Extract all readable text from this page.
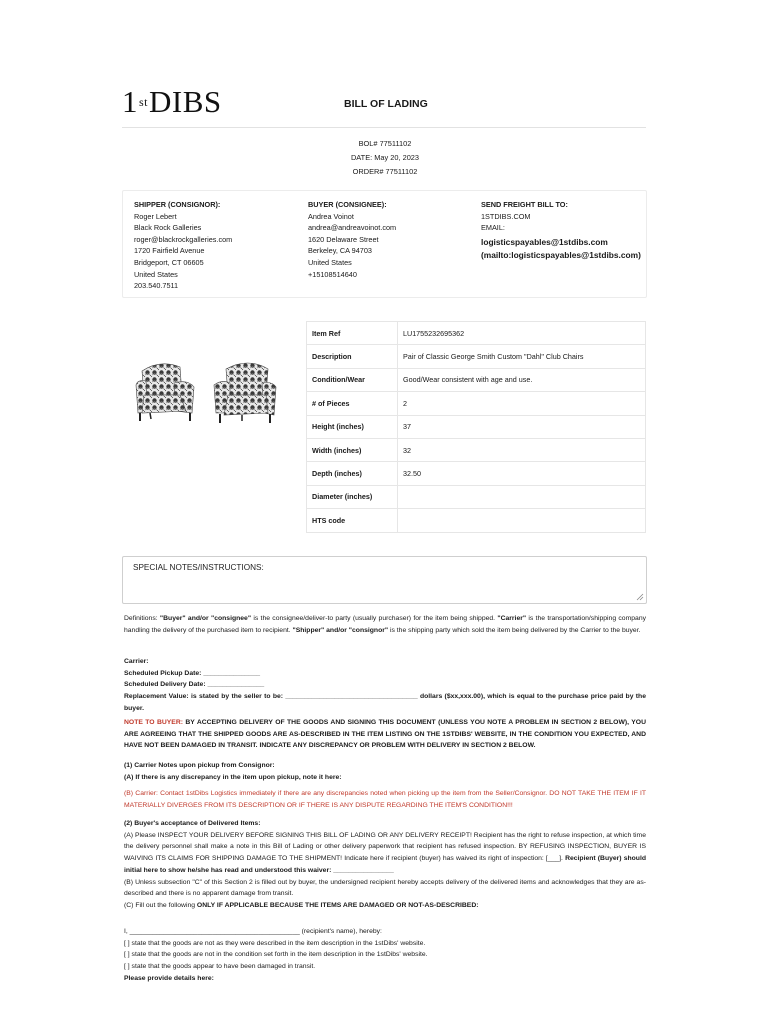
1stDIBS	BILL OF LADING
BOL# 77511102
DATE: May 20, 2023
ORDER# 77511102
SHIPPER (CONSIGNOR):
Roger Lebert
Black Rock Galleries
roger@blackrockgalleries.com
1720 Fairfield Avenue
Bridgeport, CT 06605
United States
203.540.7511
BUYER (CONSIGNEE):
Andrea Voinot
andrea@andreavoinot.com
1620 Delaware Street
Berkeley, CA 94703
United States
+15108514640
SEND FREIGHT BILL TO:
1STDIBS.COM
EMAIL:
logisticspayables@1stdibs.com
(mailto:logisticspayables@1stdibs.com)
Item Ref	LU1755232695362
Description	Pair of Classic George Smith Custom "Dahl" Club Chairs
Condition/Wear	Good/Wear consistent with age and use.
# of Pieces	2
Height (inches)	37
Width (inches)	32
Depth (inches)	32.50
Diameter (inches)	
HTS code	
SPECIAL NOTES/INSTRUCTIONS:
Definitions: "Buyer" and/or "consignee" is the consignee/deliver-to party (usually purchaser) for the item being shipped. "Carrier" is the transportation/shipping company handling the delivery of the purchased item to recipient. "Shipper" and/or "consignor" is the shipping party which sold the item being delivered by the Carrier to the buyer.
Carrier:
Scheduled Pickup Date: _______________
Scheduled Delivery Date: _______________
Replacement Value: is stated by the seller to be: ___________________________________ dollars ($xx,xxx.00), which is equal to the purchase price paid by the buyer.
NOTE TO BUYER: BY ACCEPTING DELIVERY OF THE GOODS AND SIGNING THIS DOCUMENT (UNLESS YOU NOTE A PROBLEM IN SECTION 2 BELOW), YOU ARE AGREEING THAT THE SHIPPED GOODS ARE AS-DESCRIBED IN THE ITEM LISTING ON THE 1STDIBS' WEBSITE, IN THE CONDITION YOU EXPECTED, AND HAVE NOT BEEN DAMAGED IN TRANSIT. INDICATE ANY DISCREPANCY OR PROBLEM WITH DELIVERY IN SECTION 2 BELOW.
(1) Carrier Notes upon pickup from Consignor:
(A) If there is any discrepancy in the item upon pickup, note it here:
(B) Carrier: Contact 1stDibs Logistics immediately if there are any discrepancies noted when picking up the item from the Seller/Consignor. DO NOT TAKE THE ITEM IF IT MATERIALLY DIVERGES FROM ITS DESCRIPTION OR IF THERE IS ANY DISPUTE REGARDING THE ITEM'S CONDITION!!!
(2) Buyer's acceptance of Delivered Items:
(A) Please INSPECT YOUR DELIVERY BEFORE SIGNING THIS BILL OF LADING OR ANY DELIVERY RECEIPT! Recipient has the right to refuse inspection, at which time the delivery personnel shall make a note in this Bill of Lading or other delivery paperwork that recipient has refused inspection. BY REFUSING INSPECTION, BUYER IS WAIVING ITS CLAIMS FOR SHIPPING DAMAGE TO THE SHIPMENT! Indicate here if recipient (buyer) has waived its right of inspection: [___]. Recipient (Buyer) should initial here to show he/she has read and understood this waiver: ________________
(B) Unless subsection "C" of this Section 2 is filled out by buyer, the undersigned recipient hereby accepts delivery of the delivered items and acknowledges that they are as-described and there is no apparent damage from transit.
(C) Fill out the following ONLY IF APPLICABLE BECAUSE THE ITEMS ARE DAMAGED OR NOT-AS-DESCRIBED:
I, _____________________________________________ (recipient's name), hereby:
[ ] state that the goods are not as they were described in the item description in the 1stDibs' website.
[ ] state that the goods are not in the condition set forth in the item description in the 1stDibs' website.
[ ] state that the goods appear to have been damaged in transit.
Please provide details here:
